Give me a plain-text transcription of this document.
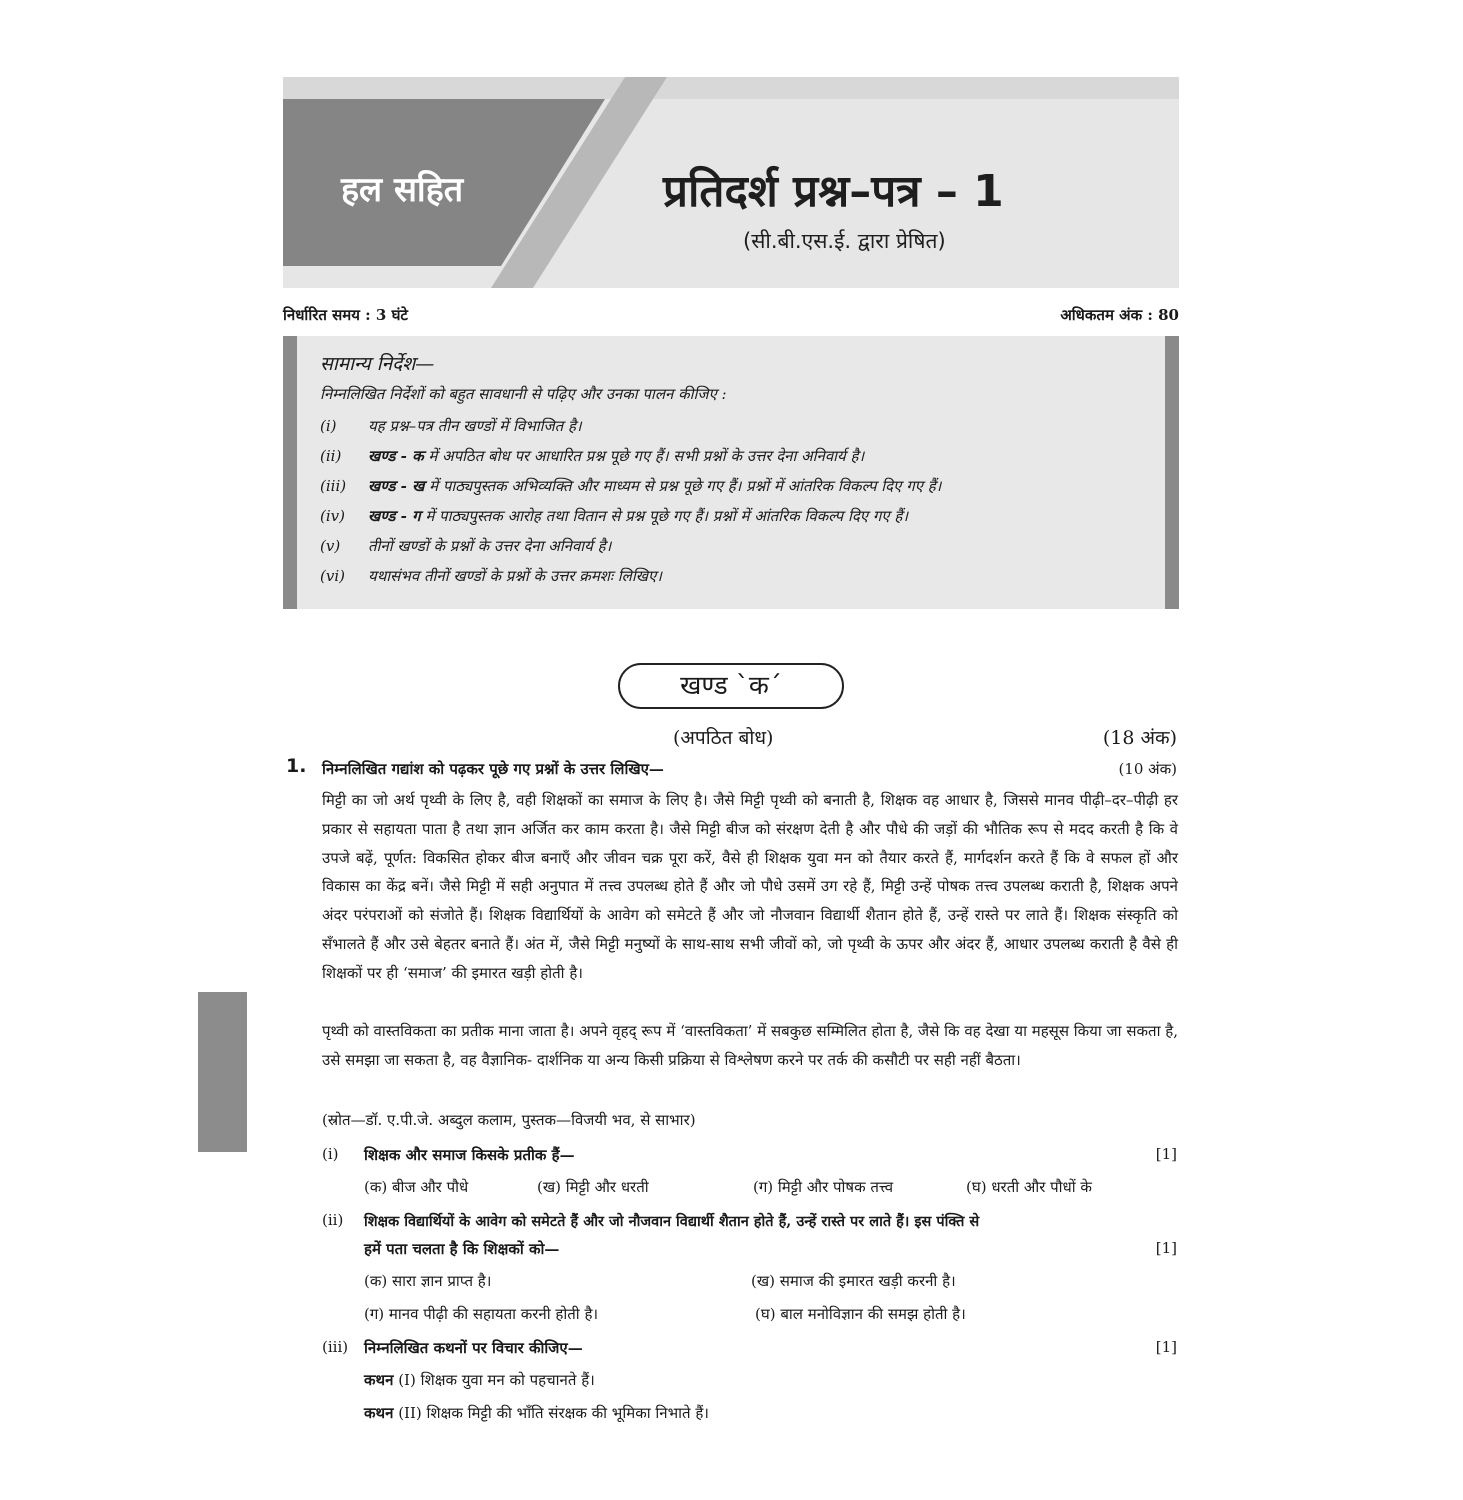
हल सहित	प्रतिदर्श प्रश्न–पत्र – 1
(सी.बी.एस.ई. द्वारा प्रेषित)
निर्धारित समय : 3 घंटे	अधिकतम अंक : 80
सामान्य निर्देश—
निम्नलिखित निर्देशों को बहुत सावधानी से पढ़िए और उनका पालन कीजिए :
(i) यह प्रश्न–पत्र तीन खण्डों में विभाजित है।
(ii) खण्ड - क में अपठित बोध पर आधारित प्रश्न पूछे गए हैं। सभी प्रश्नों के उत्तर देना अनिवार्य है।
(iii) खण्ड - ख में पाठ्यपुस्तक अभिव्यक्ति और माध्यम से प्रश्न पूछे गए हैं। प्रश्नों में आंतरिक विकल्प दिए गए हैं।
(iv) खण्ड - ग में पाठ्यपुस्तक आरोह तथा वितान से प्रश्न पूछे गए हैं। प्रश्नों में आंतरिक विकल्प दिए गए हैं।
(v) तीनों खण्डों के प्रश्नों के उत्तर देना अनिवार्य है।
(vi) यथासंभव तीनों खण्डों के प्रश्नों के उत्तर क्रमशः लिखिए।
खण्ड `क´
(अपठित बोध)	(18 अंक)
1. निम्नलिखित गद्यांश को पढ़कर पूछे गए प्रश्नों के उत्तर लिखिए—	(10 अंक)
मिट्टी का जो अर्थ पृथ्वी के लिए है, वही शिक्षकों का समाज के लिए है। जैसे मिट्टी पृथ्वी को बनाती है, शिक्षक वह आधार है, जिससे मानव पीढ़ी–दर–पीढ़ी हर प्रकार से सहायता पाता है तथा ज्ञान अर्जित कर काम करता है। जैसे मिट्टी बीज को संरक्षण देती है और पौधे की जड़ों की भौतिक रूप से मदद करती है कि वे उपजे बढ़ें, पूर्णत: विकसित होकर बीज बनाएँ और जीवन चक्र पूरा करें, वैसे ही शिक्षक युवा मन को तैयार करते हैं, मार्गदर्शन करते हैं कि वे सफल हों और विकास का केंद्र बनें। जैसे मिट्टी में सही अनुपात में तत्त्व उपलब्ध होते हैं और जो पौधे उसमें उग रहे हैं, मिट्टी उन्हें पोषक तत्त्व उपलब्ध कराती है, शिक्षक अपने अंदर परंपराओं को संजोते हैं। शिक्षक विद्यार्थियों के आवेग को समेटते हैं और जो नौजवान विद्यार्थी शैतान होते हैं, उन्हें रास्ते पर लाते हैं। शिक्षक संस्कृति को सँभालते हैं और उसे बेहतर बनाते हैं। अंत में, जैसे मिट्टी मनुष्यों के साथ-साथ सभी जीवों को, जो पृथ्वी के ऊपर और अंदर हैं, आधार उपलब्ध कराती है वैसे ही शिक्षकों पर ही ‘समाज’ की इमारत खड़ी होती है।
पृथ्वी को वास्तविकता का प्रतीक माना जाता है। अपने वृहद् रूप में ‘वास्तविकता’ में सबकुछ सम्मिलित होता है, जैसे कि वह देखा या महसूस किया जा सकता है, उसे समझा जा सकता है, वह वैज्ञानिक- दार्शनिक या अन्य किसी प्रक्रिया से विश्लेषण करने पर तर्क की कसौटी पर सही नहीं बैठता।
(स्रोत—डॉ. ए.पी.जे. अब्दुल कलाम, पुस्तक—विजयी भव, से साभार)
(i) शिक्षक और समाज किसके प्रतीक हैं—	[1]
(क) बीज और पौधे	(ख) मिट्टी और धरती	(ग) मिट्टी और पोषक तत्त्व	(घ) धरती और पौधों के
(ii) शिक्षक विद्यार्थियों के आवेग को समेटते हैं और जो नौजवान विद्यार्थी शैतान होते हैं, उन्हें रास्ते पर लाते हैं। इस पंक्ति से
हमें पता चलता है कि शिक्षकों को—	[1]
(क) सारा ज्ञान प्राप्त है।	(ख) समाज की इमारत खड़ी करनी है।
(ग) मानव पीढ़ी की सहायता करनी होती है।	(घ) बाल मनोविज्ञान की समझ होती है।
(iii) निम्नलिखित कथनों पर विचार कीजिए—	[1]
कथन (I) शिक्षक युवा मन को पहचानते हैं।
कथन (II) शिक्षक मिट्टी की भाँति संरक्षक की भूमिका निभाते हैं।
